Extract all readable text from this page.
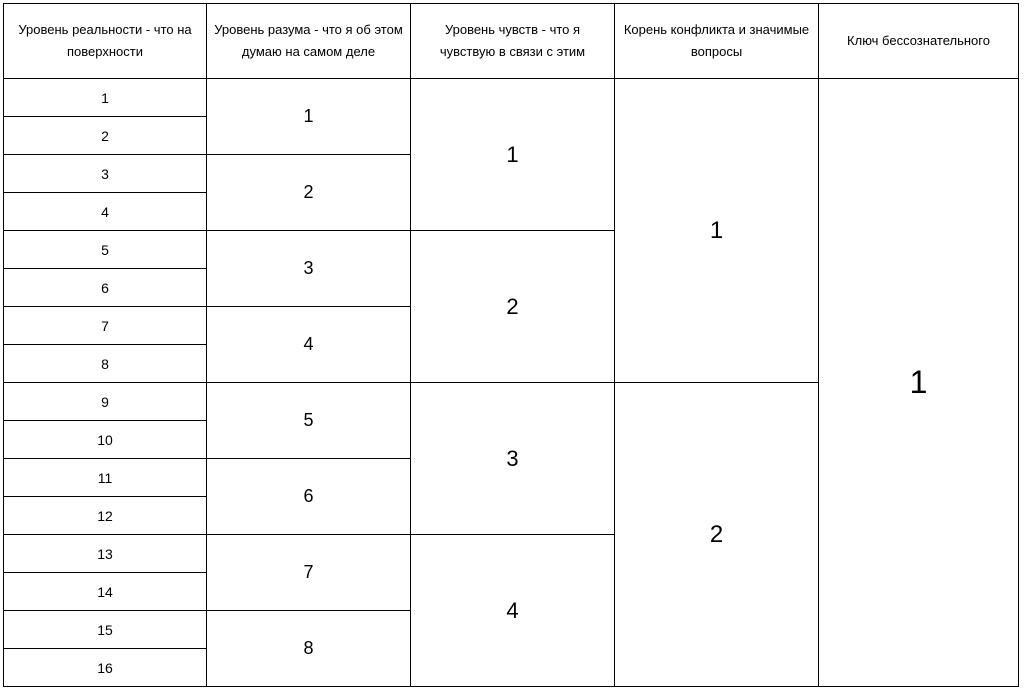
Уровень реальности - что на поверхности
Уровень разума - что я об этом думаю на самом деле
Уровень чувств - что я чувствую в связи с этим
Корень конфликта и значимые вопросы
Ключ бессознательного
1
2
3
4
5
6
7
8
9
10
11
12
13
14
15
16
1
2
3
4
5
6
7
8
1
2
3
4
1
2
1
